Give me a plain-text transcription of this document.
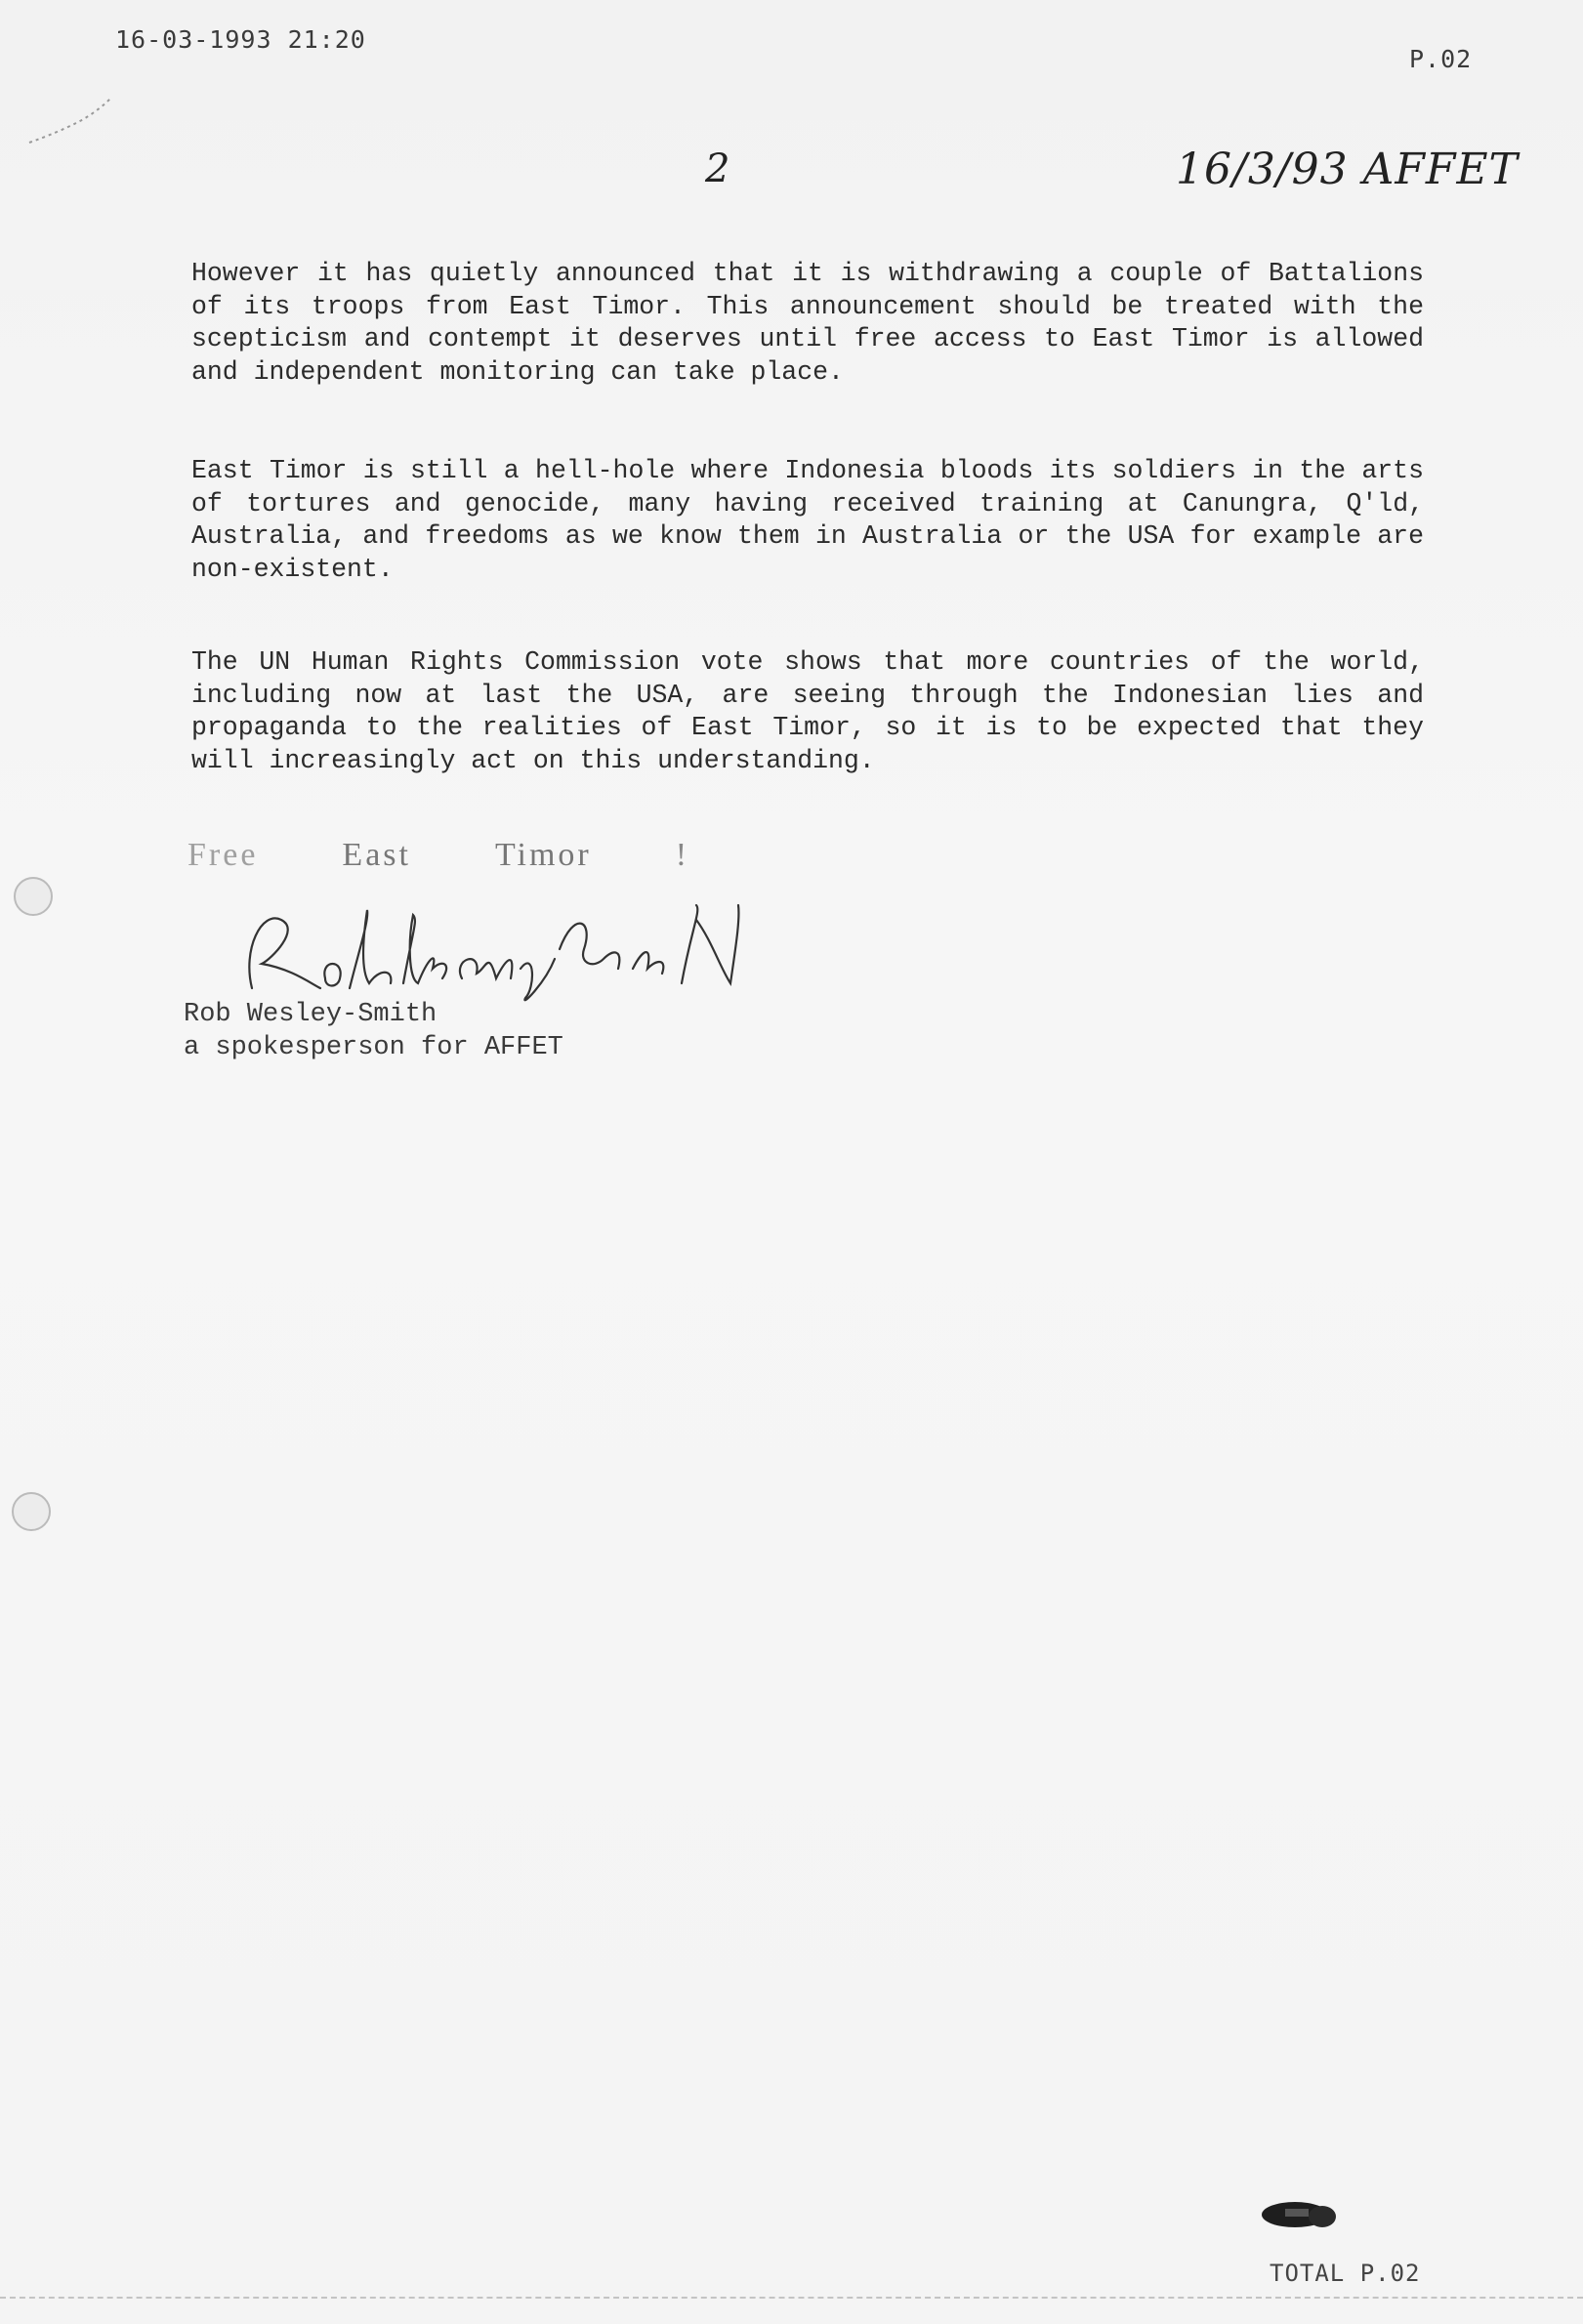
16-03-1993 21:20
P.02
2	16/3/93 AFFET
However it has quietly announced that it is withdrawing a couple of Battalions of its troops from East Timor. This announcement should be treated with the scepticism and contempt it deserves until free access to East Timor is allowed and independent monitoring can take place.
East Timor is still a hell-hole where Indonesia bloods its soldiers in the arts of tortures and genocide, many having received training at Canungra, Q'ld, Australia, and freedoms as we know them in Australia or the USA for example are non-existent.
The UN Human Rights Commission vote shows that more countries of the world, including now at last the USA, are seeing through the Indonesian lies and propaganda to the realities of East Timor, so it is to be expected that they will increasingly act on this understanding.
Free	East	Timor	!
Rob Wesley-Smith
a spokesperson for AFFET
TOTAL P.02
